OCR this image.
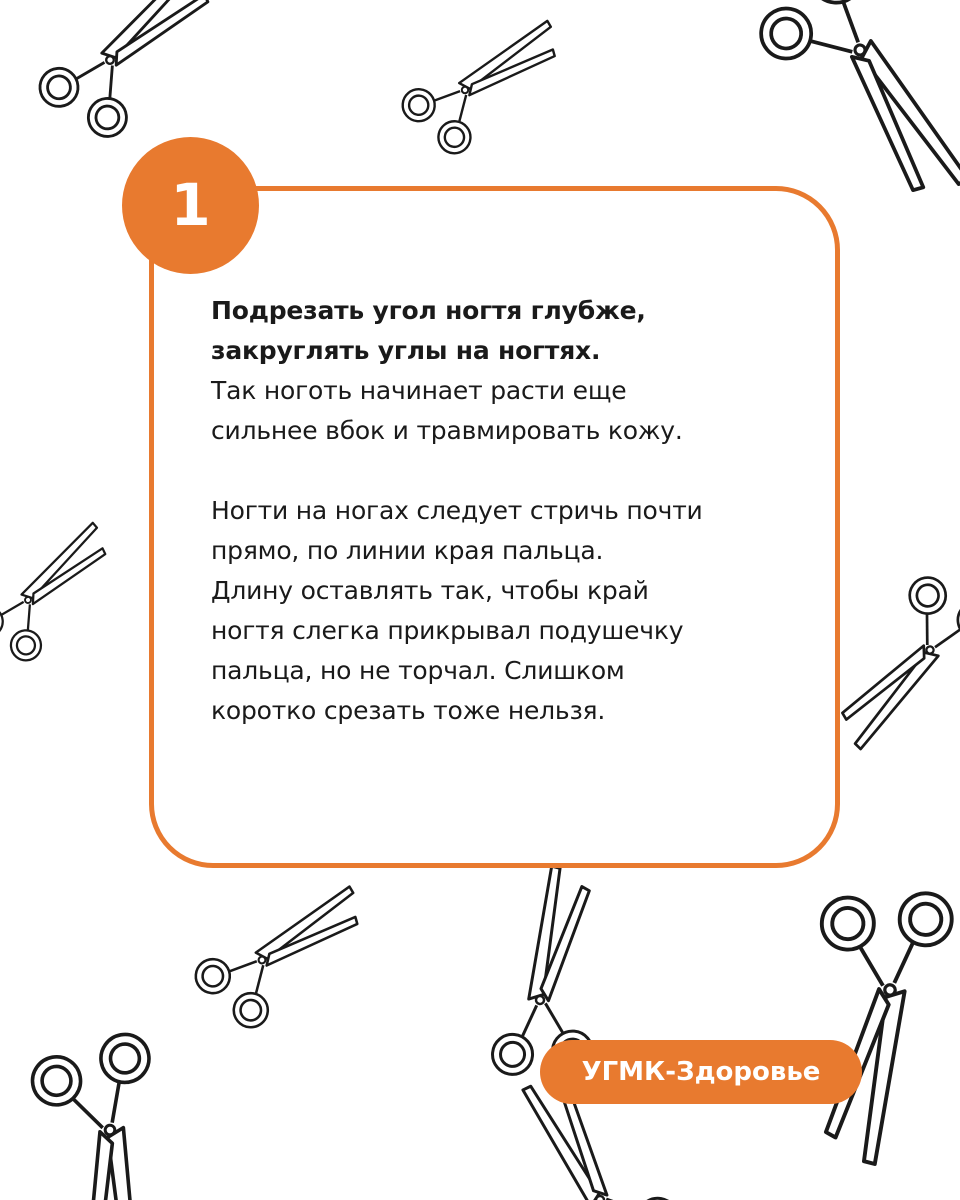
1

Подрезать угол ногтя глубже,
закруглять углы на ногтях.

Так ноготь начинает расти еще
сильнее вбок и травмировать кожу.

Ногти на ногах следует стричь почти
прямо, по линии края пальца.
Длину оставлять так, чтобы край
ногтя слегка прикрывал подушечку
пальца, но не торчал. Слишком
коротко срезать тоже нельзя.

УГМК-Здоровье
